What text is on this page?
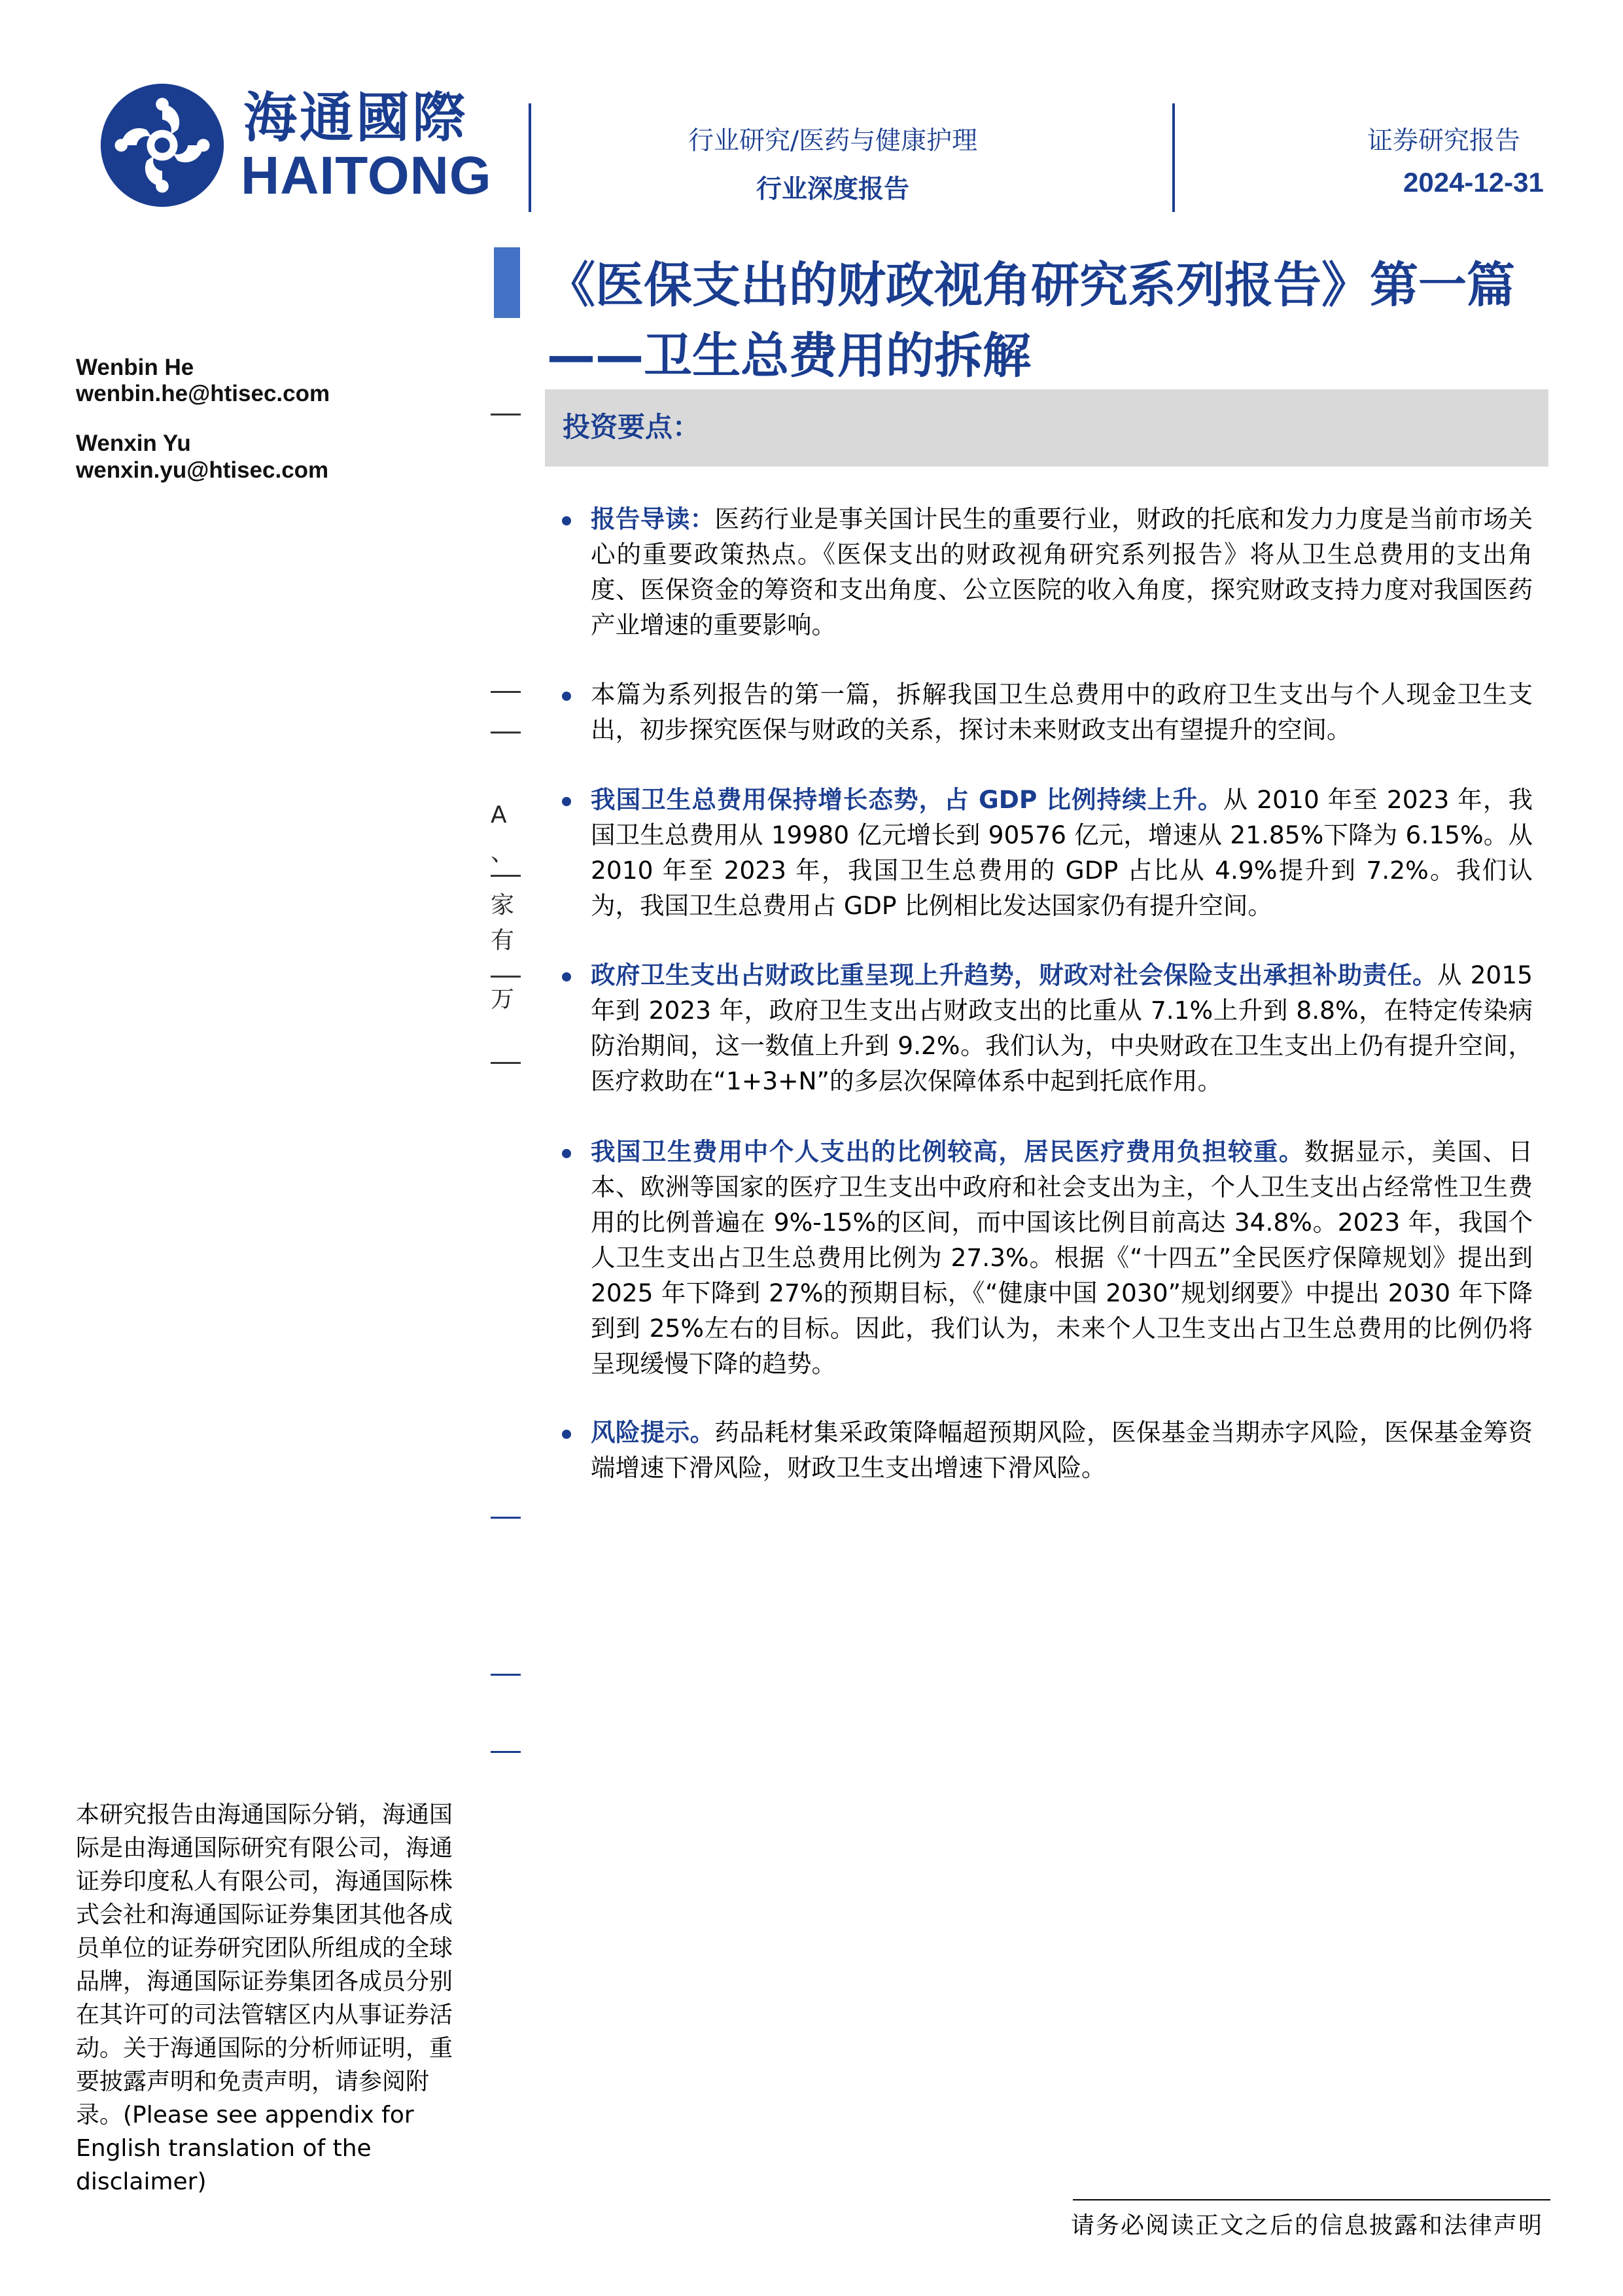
海通國際
HAITONG
行业研究/医药与健康护理
行业深度报告
证券研究报告
2024-12-31
《医保支出的财政视角研究系列报告》第一篇——卫生总费用的拆解
Wenbin He
wenbin.he@htisec.com
Wenxin Yu
wenxin.yu@htisec.com
A
、
家
有
万
本研究报告由海通国际分销，海通国际是由海通国际研究有限公司，海通证券印度私人有限公司，海通国际株式会社和海通国际证券集团其他各成员单位的证券研究团队所组成的全球品牌，海通国际证券集团各成员分别在其许可的司法管辖区内从事证券活动。关于海通国际的分析师证明，重要披露声明和免责声明，请参阅附录。(Please see appendix for English translation of the disclaimer)
投资要点：
报告导读：医药行业是事关国计民生的重要行业，财政的托底和发力力度是当前市场关心的重要政策热点。《医保支出的财政视角研究系列报告》将从卫生总费用的支出角度、医保资金的筹资和支出角度、公立医院的收入角度，探究财政支持力度对我国医药产业增速的重要影响。
本篇为系列报告的第一篇，拆解我国卫生总费用中的政府卫生支出与个人现金卫生支出，初步探究医保与财政的关系，探讨未来财政支出有望提升的空间。
我国卫生总费用保持增长态势，占 GDP 比例持续上升。从 2010 年至 2023 年，我国卫生总费用从 19980 亿元增长到 90576 亿元，增速从 21.85%下降为 6.15%。从 2010 年至 2023 年，我国卫生总费用的 GDP 占比从 4.9%提升到 7.2%。我们认为，我国卫生总费用占 GDP 比例相比发达国家仍有提升空间。
政府卫生支出占财政比重呈现上升趋势，财政对社会保险支出承担补助责任。从 2015 年到 2023 年，政府卫生支出占财政支出的比重从 7.1%上升到 8.8%，在特定传染病防治期间，这一数值上升到 9.2%。我们认为，中央财政在卫生支出上仍有提升空间，医疗救助在“1+3+N”的多层次保障体系中起到托底作用。
我国卫生费用中个人支出的比例较高，居民医疗费用负担较重。数据显示，美国、日本、欧洲等国家的医疗卫生支出中政府和社会支出为主，个人卫生支出占经常性卫生费用的比例普遍在 9%-15%的区间，而中国该比例目前高达 34.8%。2023 年，我国个人卫生支出占卫生总费用比例为 27.3%。根据《“十四五”全民医疗保障规划》提出到 2025 年下降到 27%的预期目标，《“健康中国 2030”规划纲要》中提出 2030 年下降到到 25%左右的目标。因此，我们认为，未来个人卫生支出占卫生总费用的比例仍将呈现缓慢下降的趋势。
风险提示。药品耗材集采政策降幅超预期风险，医保基金当期赤字风险，医保基金筹资端增速下滑风险，财政卫生支出增速下滑风险。
请务必阅读正文之后的信息披露和法律声明
